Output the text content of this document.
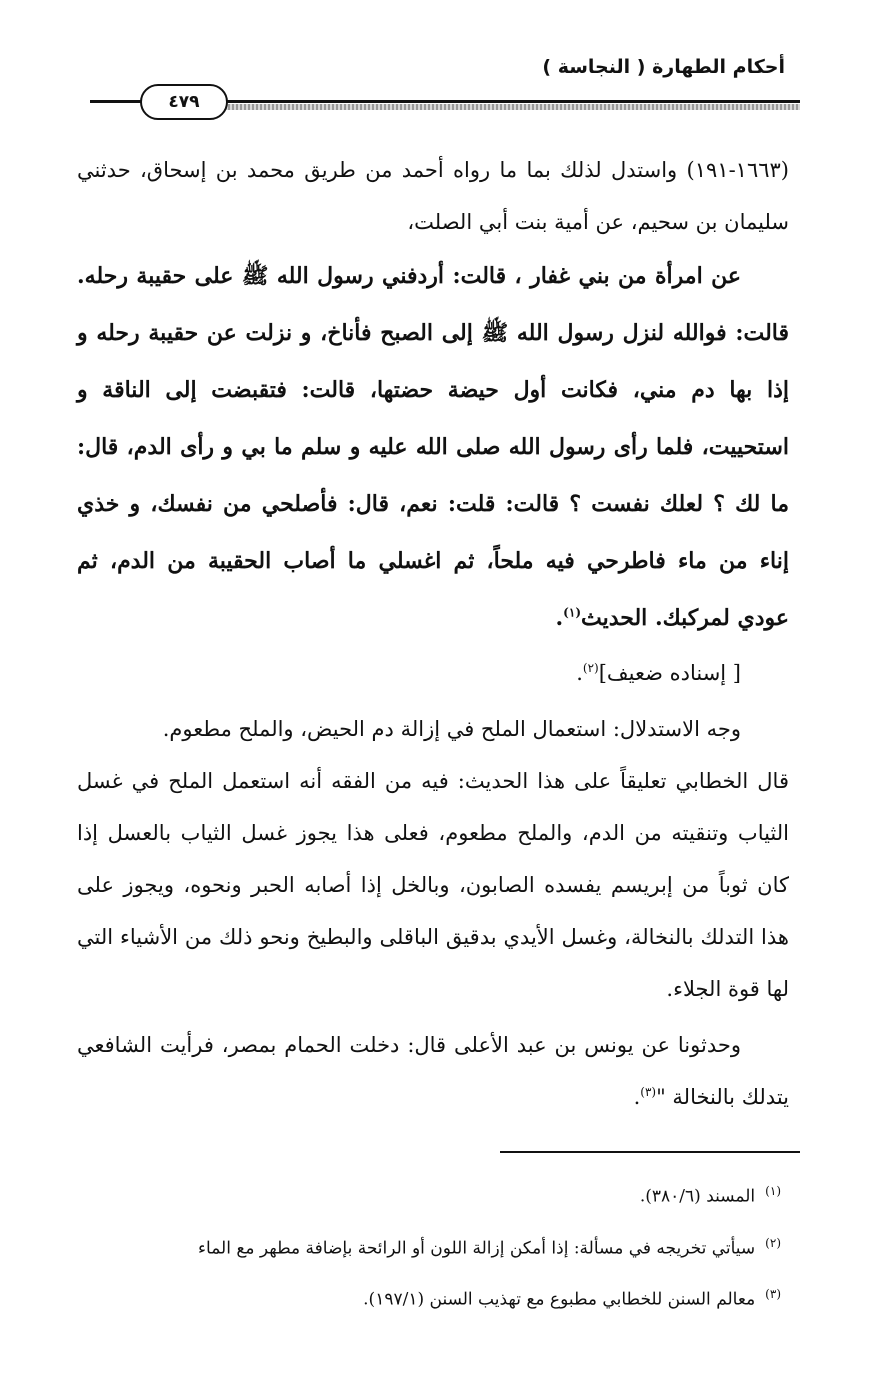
أحكام الطهارة ( النجاسة )
٤٧٩

(١٦٦٣-١٩١) واستدل لذلك بما ما رواه أحمد من طريق محمد بن إسحاق، حدثني سليمان بن سحيم، عن أمية بنت أبي الصلت،

عن امرأة من بني غفار ، قالت: أردفني رسول الله ﷺ على حقيبة رحله. قالت: فوالله لنزل رسول الله ﷺ إلى الصبح فأناخ، و نزلت عن حقيبة رحله و إذا بها دم مني، فكانت أول حيضة حضتها، قالت: فتقبضت إلى الناقة و استحييت، فلما رأى رسول الله صلى الله عليه و سلم ما بي و رأى الدم، قال: ما لك ؟ لعلك نفست ؟ قالت: قلت: نعم، قال: فأصلحي من نفسك، و خذي إناء من ماء فاطرحي فيه ملحاً، ثم اغسلي ما أصاب الحقيبة من الدم، ثم عودي لمركبك. الحديث$^{(١)}$.

[ إسناده ضعيف]$^{(٢)}$.

وجه الاستدلال: استعمال الملح في إزالة دم الحيض، والملح مطعوم.

قال الخطابي تعليقاً على هذا الحديث: فيه من الفقه أنه استعمل الملح في غسل الثياب وتنقيته من الدم، والملح مطعوم، فعلى هذا يجوز غسل الثياب بالعسل إذا كان ثوباً من إبريسم يفسده الصابون، وبالخل إذا أصابه الحبر ونحوه، ويجوز على هذا التدلك بالنخالة، وغسل الأيدي بدقيق الباقلى والبطيخ ونحو ذلك من الأشياء التي لها قوة الجلاء.

وحدثونا عن يونس بن عبد الأعلى قال: دخلت الحمام بمصر، فرأيت الشافعي يتدلك بالنخالة "$^{(٣)}$.

$^{(١)}$المسند (٣٨٠/٦).

$^{(٢)}$سيأتي تخريجه في مسألة: إذا أمكن إزالة اللون أو الرائحة بإضافة مطهر مع الماء

$^{(٣)}$معالم السنن للخطابي مطبوع مع تهذيب السنن (١٩٧/١).
